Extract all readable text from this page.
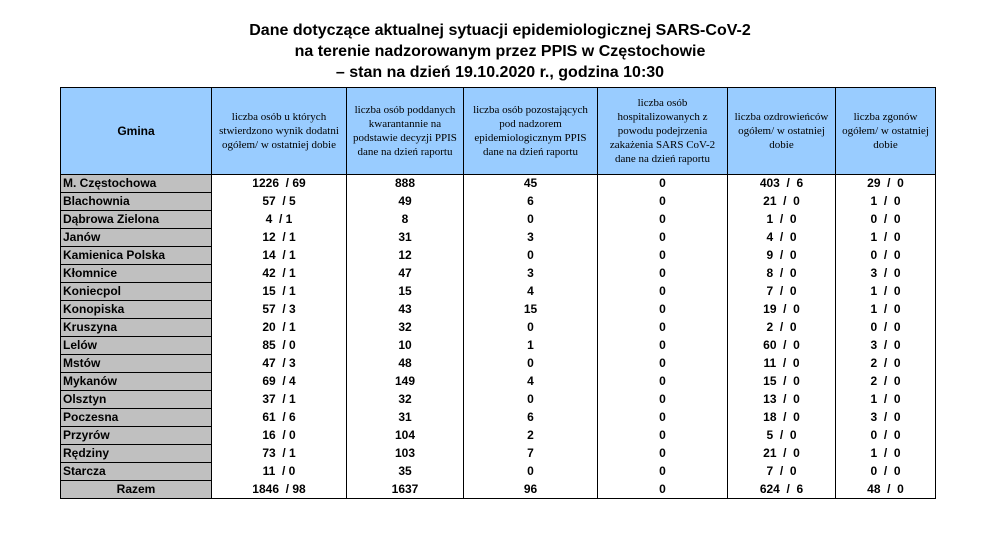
Dane dotyczące aktualnej sytuacji epidemiologicznej SARS-CoV-2
na terenie nadzorowanym przez PPIS w Częstochowie
– stan na dzień 19.10.2020 r., godzina 10:30
Gmina	liczba osób u których stwierdzono wynik dodatni ogółem/ w ostatniej dobie	liczba osób poddanych kwarantannie na podstawie decyzji PPIS dane na dzień raportu	liczba osób pozostających pod nadzorem epidemiologicznym PPIS dane na dzień raportu	liczba osób hospitalizowanych z powodu podejrzenia zakażenia SARS CoV-2 dane na dzień raportu	liczba ozdrowieńców ogółem/ w ostatniej dobie	liczba zgonów ogółem/ w ostatniej dobie
M. Częstochowa	1226  / 69	888	45	0	403  /  6	29  /  0
Blachownia	57  / 5	49	6	0	21  /  0	1  /  0
Dąbrowa Zielona	4  / 1	8	0	0	1  /  0	0  /  0
Janów	12  / 1	31	3	0	4  /  0	1  /  0
Kamienica Polska	14  / 1	12	0	0	9  /  0	0  /  0
Kłomnice	42  / 1	47	3	0	8  /  0	3  /  0
Koniecpol	15  / 1	15	4	0	7  /  0	1  /  0
Konopiska	57  / 3	43	15	0	19  /  0	1  /  0
Kruszyna	20  / 1	32	0	0	2  /  0	0  /  0
Lelów	85  / 0	10	1	0	60  /  0	3  /  0
Mstów	47  / 3	48	0	0	11  /  0	2  /  0
Mykanów	69  / 4	149	4	0	15  /  0	2  /  0
Olsztyn	37  / 1	32	0	0	13  /  0	1  /  0
Poczesna	61  / 6	31	6	0	18  /  0	3  /  0
Przyrów	16  / 0	104	2	0	5  /  0	0  /  0
Rędziny	73  / 1	103	7	0	21  /  0	1  /  0
Starcza	11  / 0	35	0	0	7  /  0	0  /  0
Razem	1846  / 98	1637	96	0	624  /  6	48  /  0
